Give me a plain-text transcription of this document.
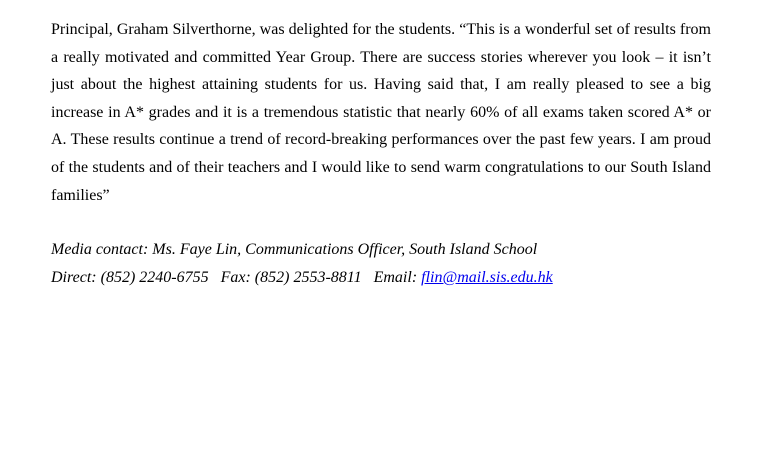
Principal, Graham Silverthorne, was delighted for the students. “This is a wonderful set of results from a really motivated and committed Year Group. There are success stories wherever you look – it isn’t just about the highest attaining students for us. Having said that, I am really pleased to see a big increase in A* grades and it is a tremendous statistic that nearly 60% of all exams taken scored A* or A. These results continue a trend of record-breaking performances over the past few years. I am proud of the students and of their teachers and I would like to send warm congratulations to our South Island families”

Media contact: Ms. Faye Lin, Communications Officer, South Island School
Direct: (852) 2240-6755   Fax: (852) 2553-8811   Email: flin@mail.sis.edu.hk
